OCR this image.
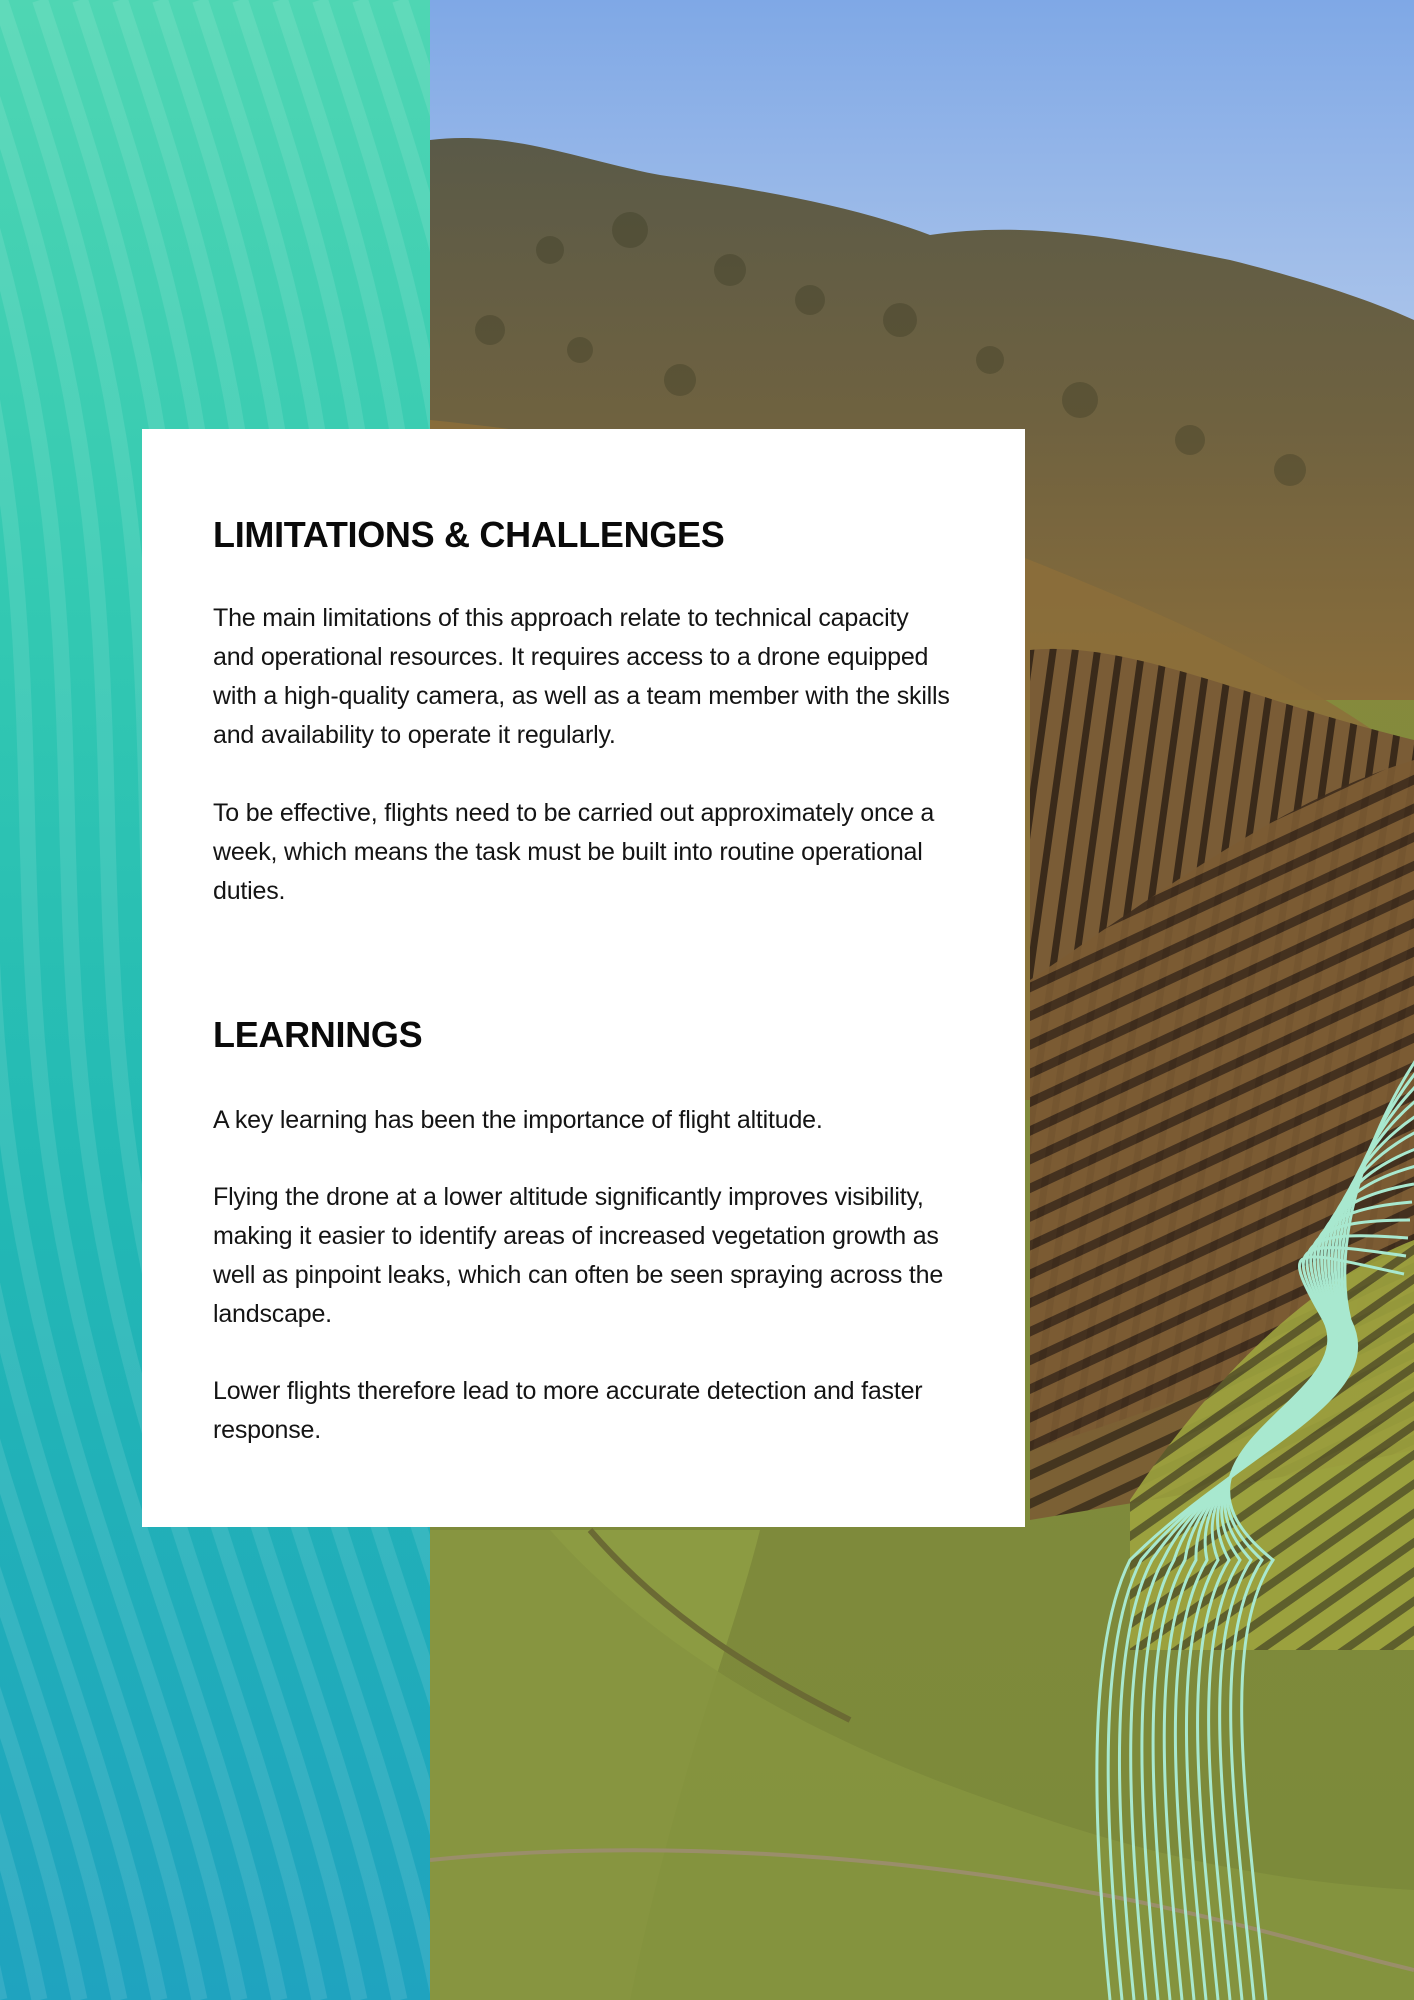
LIMITATIONS & CHALLENGES

The main limitations of this approach relate to technical capacity and operational resources. It requires access to a drone equipped with a high-quality camera, as well as a team member with the skills and availability to operate it regularly.

To be effective, flights need to be carried out approximately once a week, which means the task must be built into routine operational duties.

LEARNINGS

A key learning has been the importance of flight altitude.

Flying the drone at a lower altitude significantly improves visibility, making it easier to identify areas of increased vegetation growth as well as pinpoint leaks, which can often be seen spraying across the landscape.

Lower flights therefore lead to more accurate detection and faster response.
